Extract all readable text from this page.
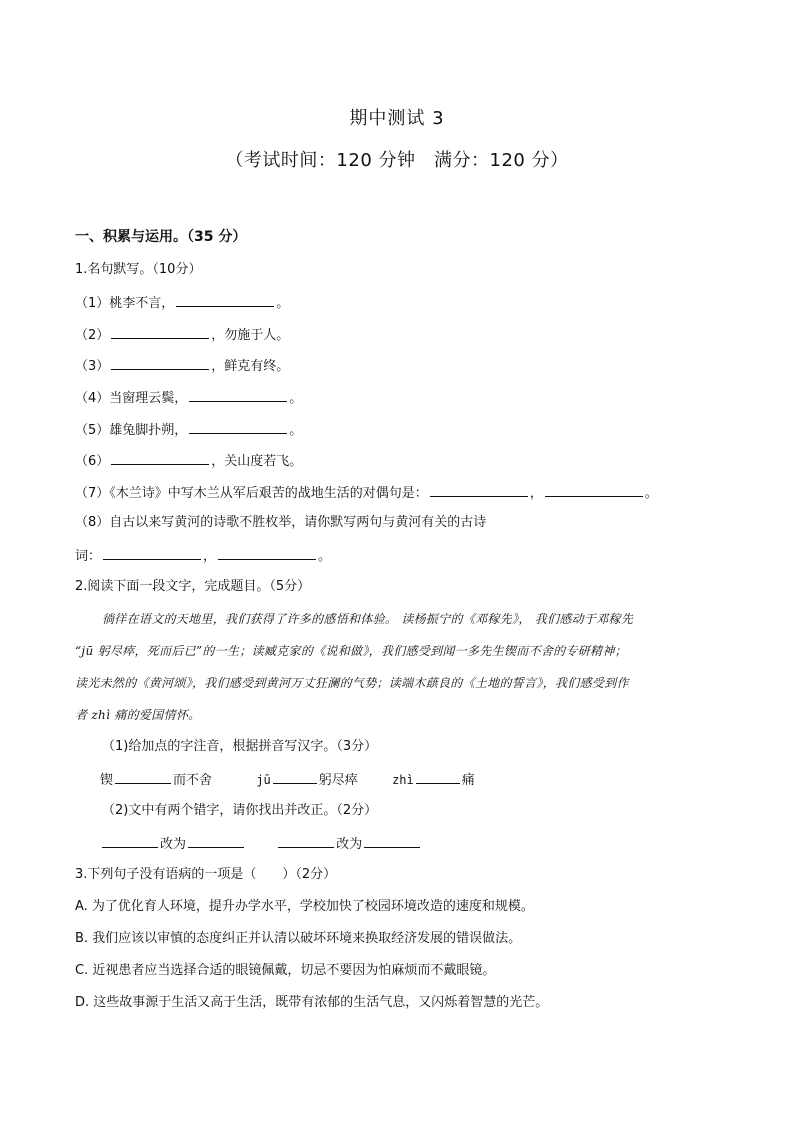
期中测试 3
（考试时间：120 分钟　满分：120 分）
一、积累与运用。（35 分）
1.名句默写。（10分）
（1）桃李不言，	。
（2）	，勿施于人。
（3）	，鲜克有终。
（4）当窗理云鬓，	。
（5）雄兔脚扑朔，	。
（6）	，关山度若飞。
（7）《木兰诗》中写木兰从军后艰苦的战地生活的对偶句是：	，	。
（8）自古以来写黄河的诗歌不胜枚举，请你默写两句与黄河有关的古诗
词：	，	。
2.阅读下面一段文字，完成题目。（5分）
徜徉在语文的天地里，我们获得了许多的感悟和体验。 读杨振宁的《邓稼先》， 我们感动于邓稼先
“jū 躬尽瘁，死而后已”的一生；读臧克家的《说和做》，我们感受到闻一多先生锲而不舍的专研精神；
读光未然的《黄河颂》，我们感受到黄河万丈狂澜的气势；读端木蕻良的《土地的誓言》，我们感受到作
者 zhì 痛的爱国情怀。
（1)给加点的字注音，根据拼音写汉字。（3分）
锲	而不舍	jū	躬尽瘁	zhì	痛
（2)文中有两个错字，请你找出并改正。（2分）
改为	改为
3.下列句子没有语病的一项是（　　）（2分）
A. 为了优化育人环境，提升办学水平，学校加快了校园环境改造的速度和规模。
B. 我们应该以审慎的态度纠正并认清以破坏环境来换取经济发展的错误做法。
C. 近视患者应当选择合适的眼镜佩戴，切忌不要因为怕麻烦而不戴眼镜。
D. 这些故事源于生活又高于生活，既带有浓郁的生活气息，又闪烁着智慧的光芒。
